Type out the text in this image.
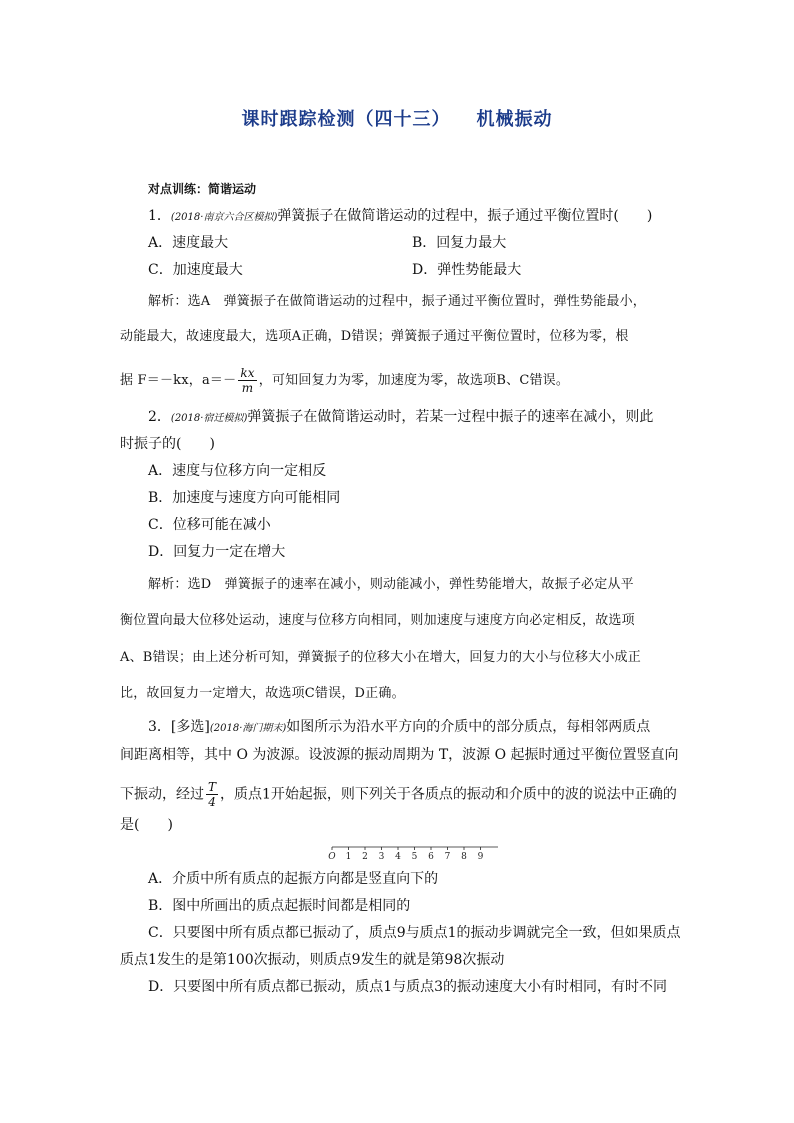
课时跟踪检测（四十三） 机械振动
对点训练：简谐运动
1．(2018·南京六合区模拟)弹簧振子在做简谐运动的过程中，振子通过平衡位置时(　　)
A．速度最大	B．回复力最大
C．加速度最大	D．弹性势能最大
解析：选A　弹簧振子在做简谐运动的过程中，振子通过平衡位置时，弹性势能最小，
动能最大，故速度最大，选项A正确，D错误；弹簧振子通过平衡位置时，位移为零，根
据 F＝－kx，$a=- \frac{kx}{m}$ ，可知回复力为零，加速度为零，故选项B、C错误。
2．(2018·宿迁模拟)弹簧振子在做简谐运动时，若某一过程中振子的速率在减小，则此
时振子的(　　)
A．速度与位移方向一定相反
B．加速度与速度方向可能相同
C．位移可能在减小
D．回复力一定在增大
解析：选D　弹簧振子的速率在减小，则动能减小，弹性势能增大，故振子必定从平
衡位置向最大位移处运动，速度与位移方向相同，则加速度与速度方向必定相反，故选项
A、B错误；由上述分析可知，弹簧振子的位移大小在增大，回复力的大小与位移大小成正
比，故回复力一定增大，故选项C错误，D正确。
3．[多选](2018·海门期末)如图所示为沿水平方向的介质中的部分质点，每相邻两质点
间距离相等，其中 O 为波源。设波源的振动周期为 T，波源 O 起振时通过平衡位置竖直向
下振动，经过 $\frac{T}{4}$ ，质点1开始起振，则下列关于各质点的振动和介质中的波的说法中正确的
是(　　)
O 1 2 3 4 5 6 7 8 9
A．介质中所有质点的起振方向都是竖直向下的
B．图中所画出的质点起振时间都是相同的
C．只要图中所有质点都已振动了，质点9与质点1的振动步调就完全一致，但如果质点
质点1发生的是第100次振动，则质点9发生的就是第98次振动
D．只要图中所有质点都已振动，质点1与质点3的振动速度大小有时相同，有时不同
